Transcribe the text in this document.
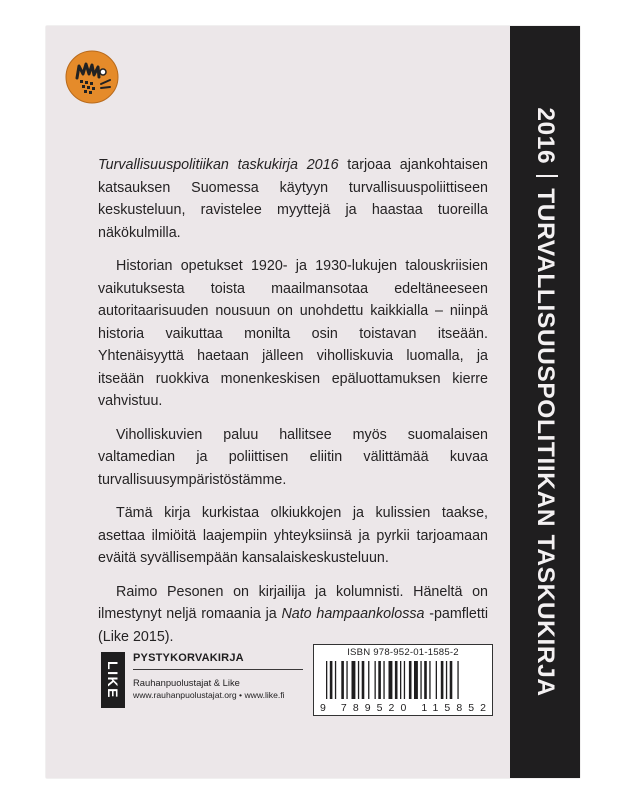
2016TURVALLISUUSPOLITIIKAN TASKUKIRJA

Turvallisuuspolitiikan taskukirja 2016 tarjoaa ajankohtaisen katsauksen Suomessa käytyyn turvallisuuspoliittiseen keskusteluun, ravistelee myyttejä ja haastaa tuoreilla näkökulmilla.

Historian opetukset 1920- ja 1930-lukujen talouskriisien vaikutuksesta toista maailmansotaa edeltäneeseen autoritaarisuuden nousuun on unohdettu kaikkialla – niinpä historia vaikuttaa monilta osin toistavan itseään. Yhtenäisyyttä haetaan jälleen viholliskuvia luomalla, ja itseään ruokkiva monenkeskisen epäluottamuksen kierre vahvistuu.

Viholliskuvien paluu hallitsee myös suomalaisen valtamedian ja poliittisen eliitin välittämää kuvaa turvallisuusympäristöstämme.

Tämä kirja kurkistaa olkiukkojen ja kulissien taakse, asettaa ilmiöitä laajempiin yhteyksiinsä ja pyrkii tarjoamaan eväitä syvällisempään kansalaiskeskusteluun.

Raimo Pesonen on kirjailija ja kolumnisti. Häneltä on ilmestynyt neljä romaania ja Nato hampaankolossa -pamfletti (Like 2015).

LIKE
PYSTYKORVAKIRJA
Rauhanpuolustajat & Like
www.rauhanpuolustajat.org • www.like.fi
ISBN 978-952-01-1585-2
9 789520 115852
